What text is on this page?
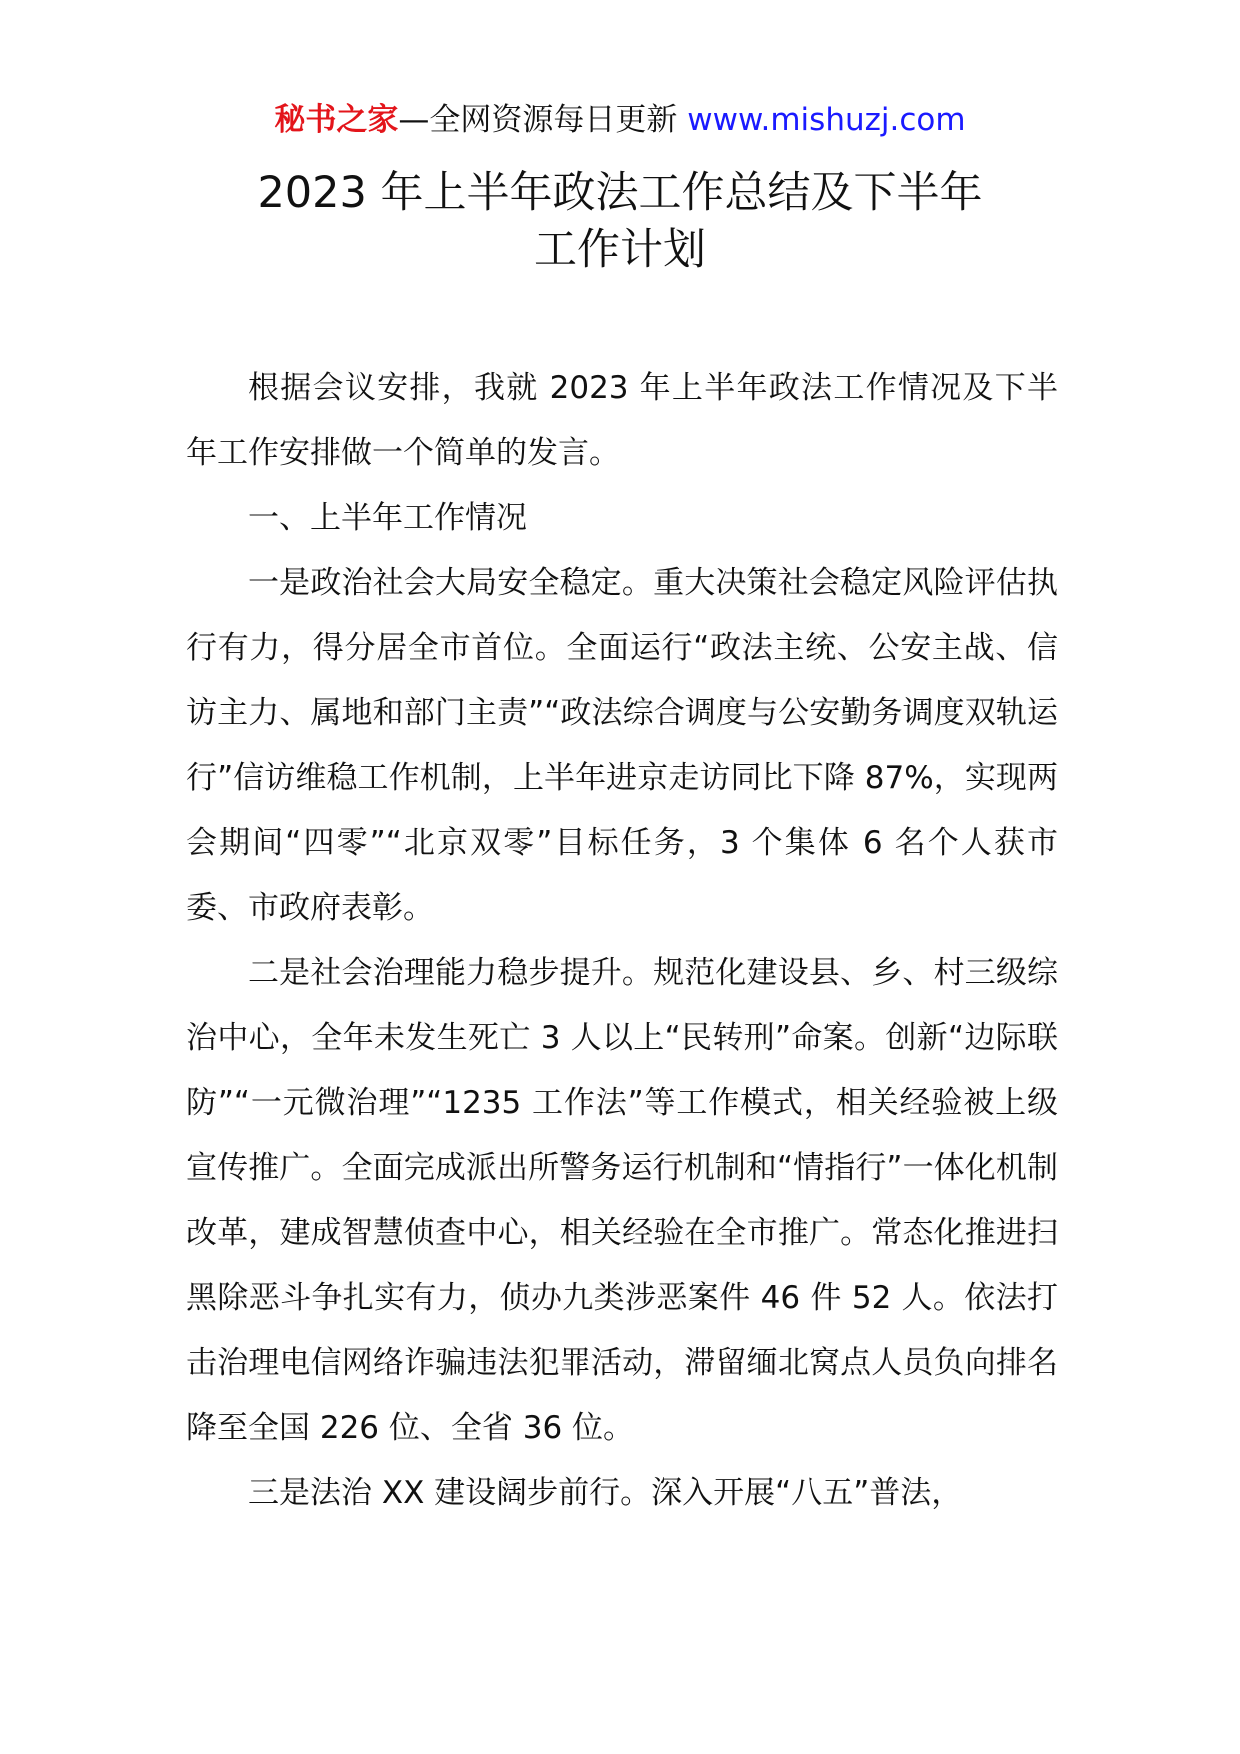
秘书之家—全网资源每日更新 www.mishuzj.com
2023 年上半年政法工作总结及下半年
工作计划

根据会议安排，我就 2023 年上半年政法工作情况及下半年工作安排做一个简单的发言。

一、上半年工作情况

一是政治社会大局安全稳定。重大决策社会稳定风险评估执行有力，得分居全市首位。全面运行“政法主统、公安主战、信访主力、属地和部门主责”“政法综合调度与公安勤务调度双轨运行”信访维稳工作机制，上半年进京走访同比下降 87%，实现两会期间“四零”“北京双零”目标任务，3 个集体 6 名个人获市委、市政府表彰。

二是社会治理能力稳步提升。规范化建设县、乡、村三级综治中心，全年未发生死亡 3 人以上“民转刑”命案。创新“边际联防”“一元微治理”“1235 工作法”等工作模式，相关经验被上级宣传推广。全面完成派出所警务运行机制和“情指行”一体化机制改革，建成智慧侦查中心，相关经验在全市推广。常态化推进扫黑除恶斗争扎实有力，侦办九类涉恶案件 46 件 52 人。依法打击治理电信网络诈骗违法犯罪活动，滞留缅北窝点人员负向排名降至全国 226 位、全省 36 位。

三是法治 XX 建设阔步前行。深入开展“八五”普法，
